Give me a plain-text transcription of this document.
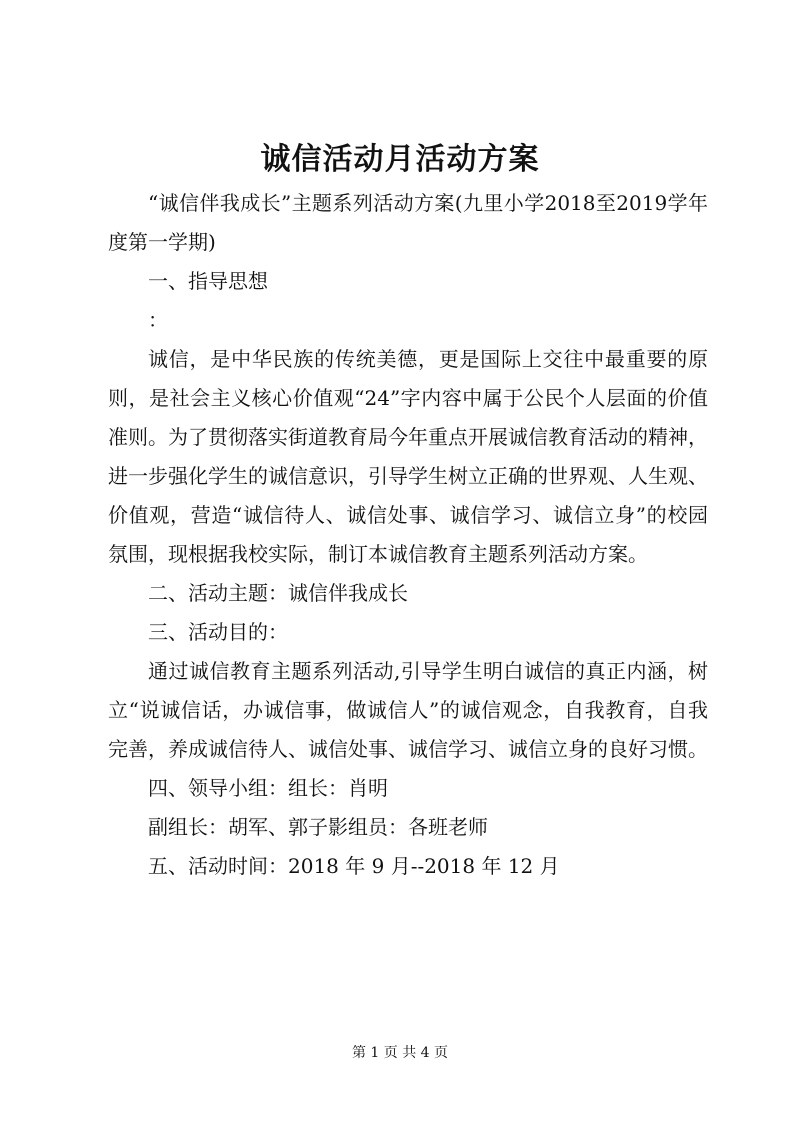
诚信活动月活动方案

“诚信伴我成长”主题系列活动方案(九里小学2018至2019学年度第一学期)

一、指导思想

：

诚信，是中华民族的传统美德，更是国际上交往中最重要的原则，是社会主义核心价值观“24”字内容中属于公民个人层面的价值准则。为了贯彻落实街道教育局今年重点开展诚信教育活动的精神，进一步强化学生的诚信意识，引导学生树立正确的世界观、人生观、价值观，营造“诚信待人、诚信处事、诚信学习、诚信立身”的校园氛围，现根据我校实际，制订本诚信教育主题系列活动方案。

二、活动主题：诚信伴我成长

三、活动目的：

通过诚信教育主题系列活动,引导学生明白诚信的真正内涵，树立“说诚信话，办诚信事，做诚信人”的诚信观念，自我教育，自我完善，养成诚信待人、诚信处事、诚信学习、诚信立身的良好习惯。

四、领导小组：组长：肖明

副组长：胡军、郭子影组员：各班老师

五、活动时间：2018 年 9 月--2018 年 12 月

第 1 页 共 4 页
